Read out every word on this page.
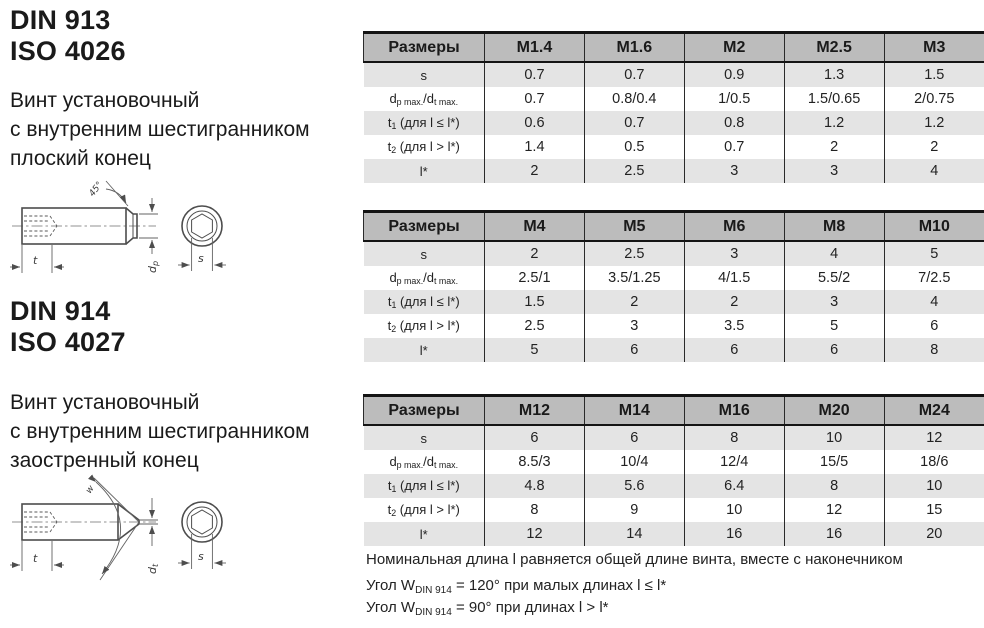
DIN 913
ISO 4026
Винт установочный
с внутренним шестигранником
плоский конец
45°
t
dp	s
DIN 914
ISO 4027
Винт установочный
с внутренним шестигранником
заостренный конец
w
t
dt
s
Размеры	M1.4	M1.6	M2	M2.5	M3
s	0.7	0.7	0.9	1.3	1.5
$d_{p max.}/d_{t max.}$	0.7	0.8/0.4	1/0.5	1.5/0.65	2/0.75
$t_1$ (для l ≤ l*)	0.6	0.7	0.8	1.2	1.2
$t_2$ (для l > l*)	1.4	0.5	0.7	2	2
l*	2	2.5	3	3	4
Размеры	M4	M5	M6	M8	M10
s	2	2.5	3	4	5
$d_{p max.}/d_{t max.}$	2.5/1	3.5/1.25	4/1.5	5.5/2	7/2.5
$t_1$ (для l ≤ l*)	1.5	2	2	3	4
$t_2$ (для l > l*)	2.5	3	3.5	5	6
l*	5	6	6	6	8
Размеры	M12	M14	M16	M20	M24
s	6	6	8	10	12
$d_{p max.}/d_{t max.}$	8.5/3	10/4	12/4	15/5	18/6
$t_1$ (для l ≤ l*)	4.8	5.6	6.4	8	10
$t_2$ (для l > l*)	8	9	10	12	15
l*	12	14	16	16	20
Номинальная длина l равняется общей длине винта, вместе с наконечником
Угол $W_{DIN 914} = 120^\circ$ при малых длинах l ≤ l*
Угол $W_{DIN 914} = 90^\circ$ при длинах l > l*
